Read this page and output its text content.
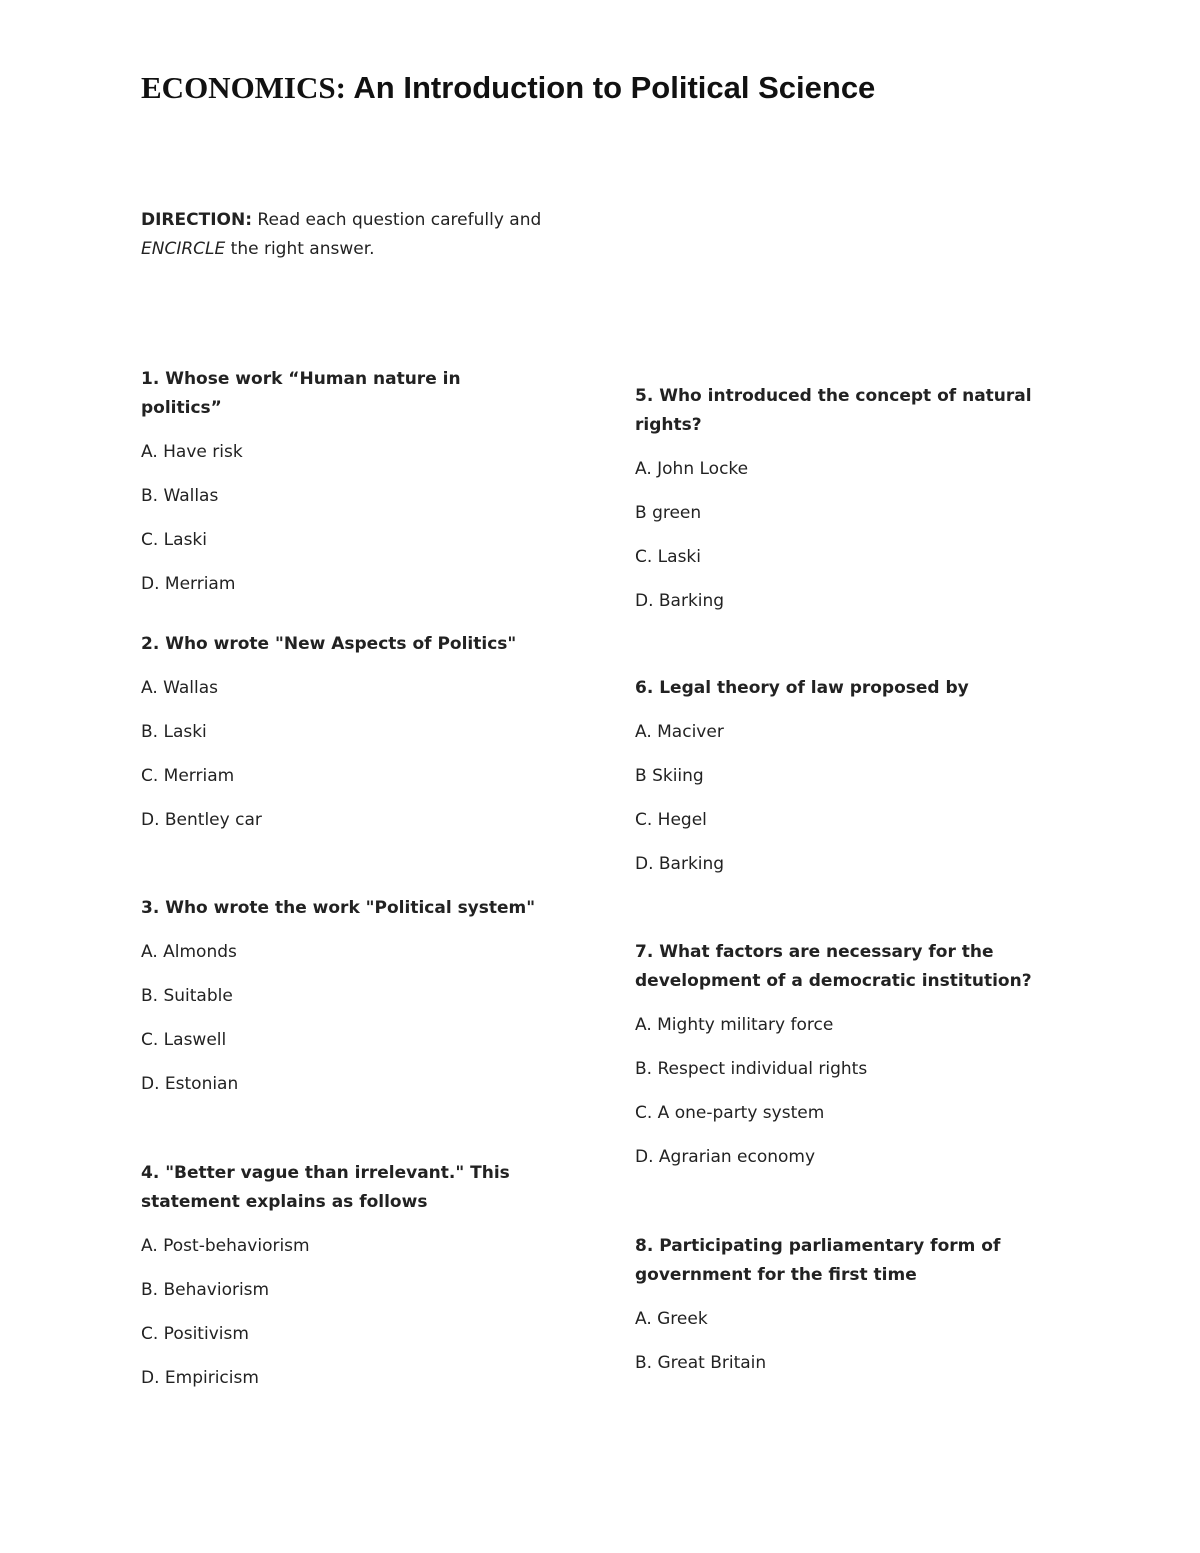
ECONOMICS: An Introduction to Political Science
DIRECTION: Read each question carefully and
ENCIRCLE the right answer.

1. Whose work “Human nature in politics”

A. Have risk
B. Wallas
C. Laski
D. Merriam

2. Who wrote "New Aspects of Politics"

A. Wallas
B. Laski
C. Merriam
D. Bentley car

3. Who wrote the work "Political system"

A. Almonds
B. Suitable
C. Laswell
D. Estonian

4. "Better vague than irrelevant." This statement explains as follows

A. Post-behaviorism
B. Behaviorism
C. Positivism
D. Empiricism

5. Who introduced the concept of natural rights?

A. John Locke
B green
C. Laski
D. Barking

6. Legal theory of law proposed by

A. Maciver
B Skiing
C. Hegel
D. Barking

7. What factors are necessary for the development of a democratic institution?

A. Mighty military force
B. Respect individual rights
C. A one-party system
D. Agrarian economy

8. Participating parliamentary form of government for the first time

A. Greek
B. Great Britain
